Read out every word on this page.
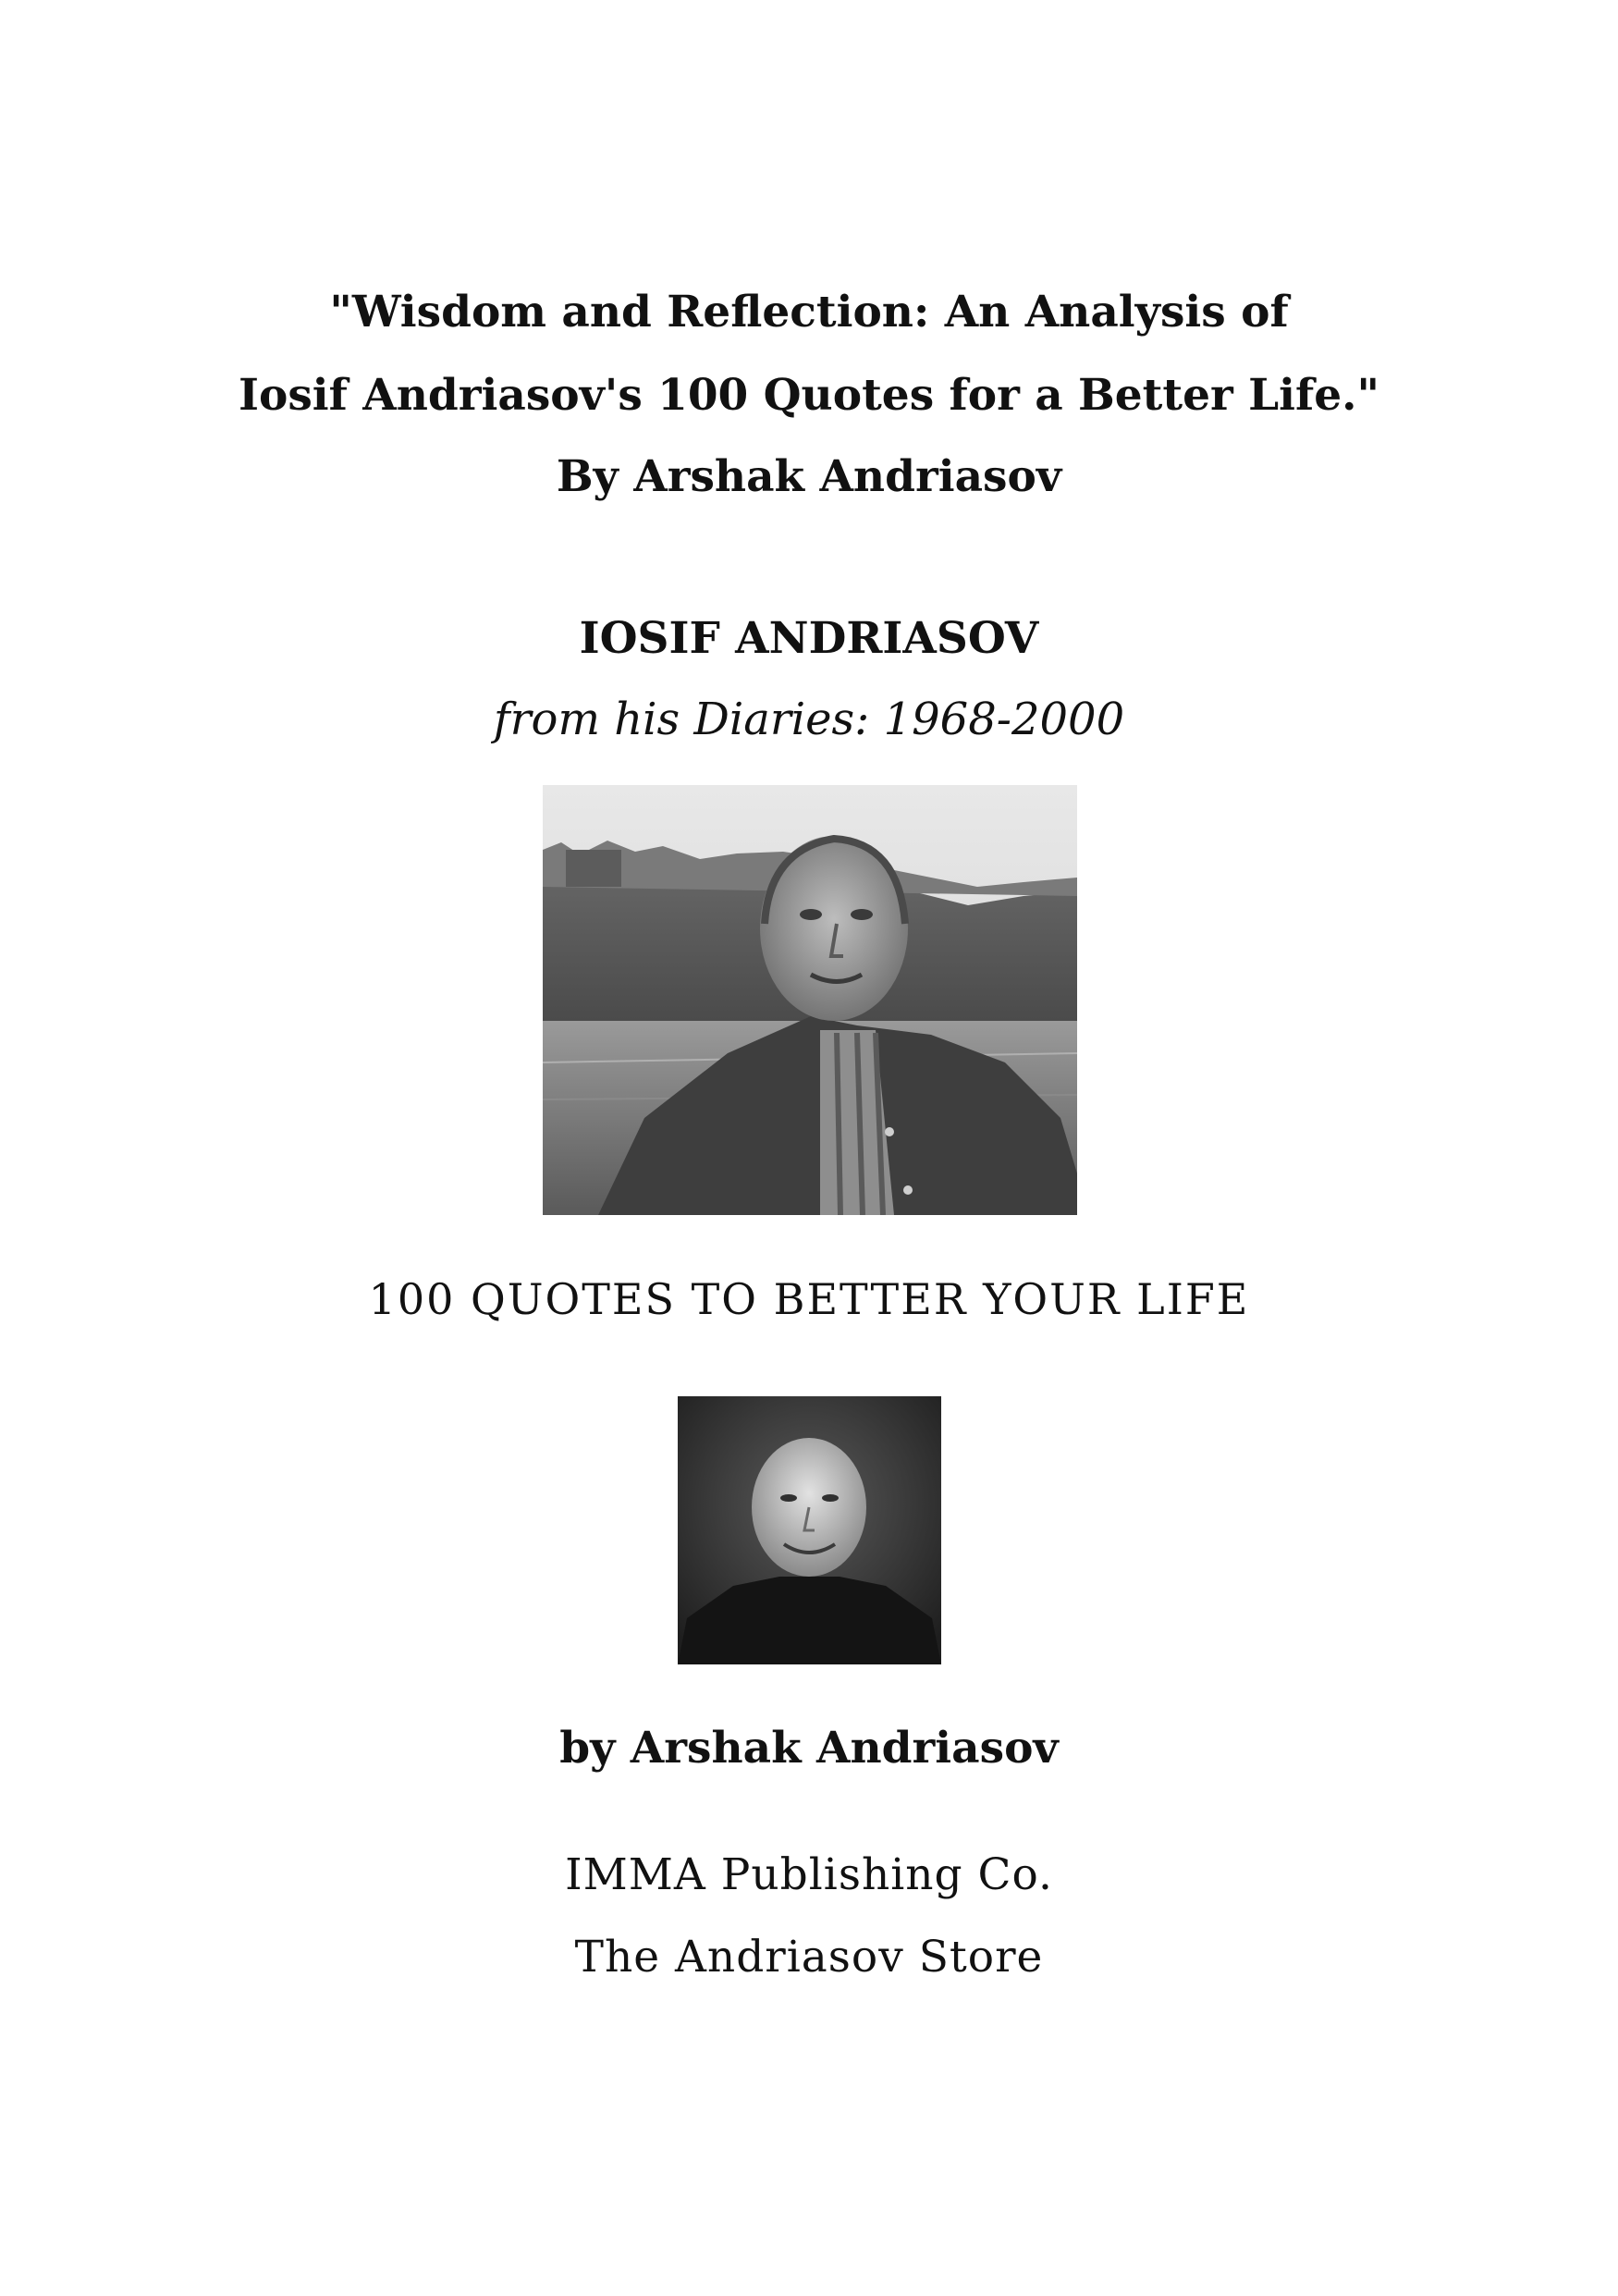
"Wisdom and Reflection: An Analysis of
Iosif Andriasov's 100 Quotes for a Better Life."
By Arshak Andriasov
IOSIF ANDRIASOV
from his Diaries: 1968-2000
100 QUOTES TO BETTER YOUR LIFE
by Arshak Andriasov
IMMA Publishing Co.
The Andriasov Store
